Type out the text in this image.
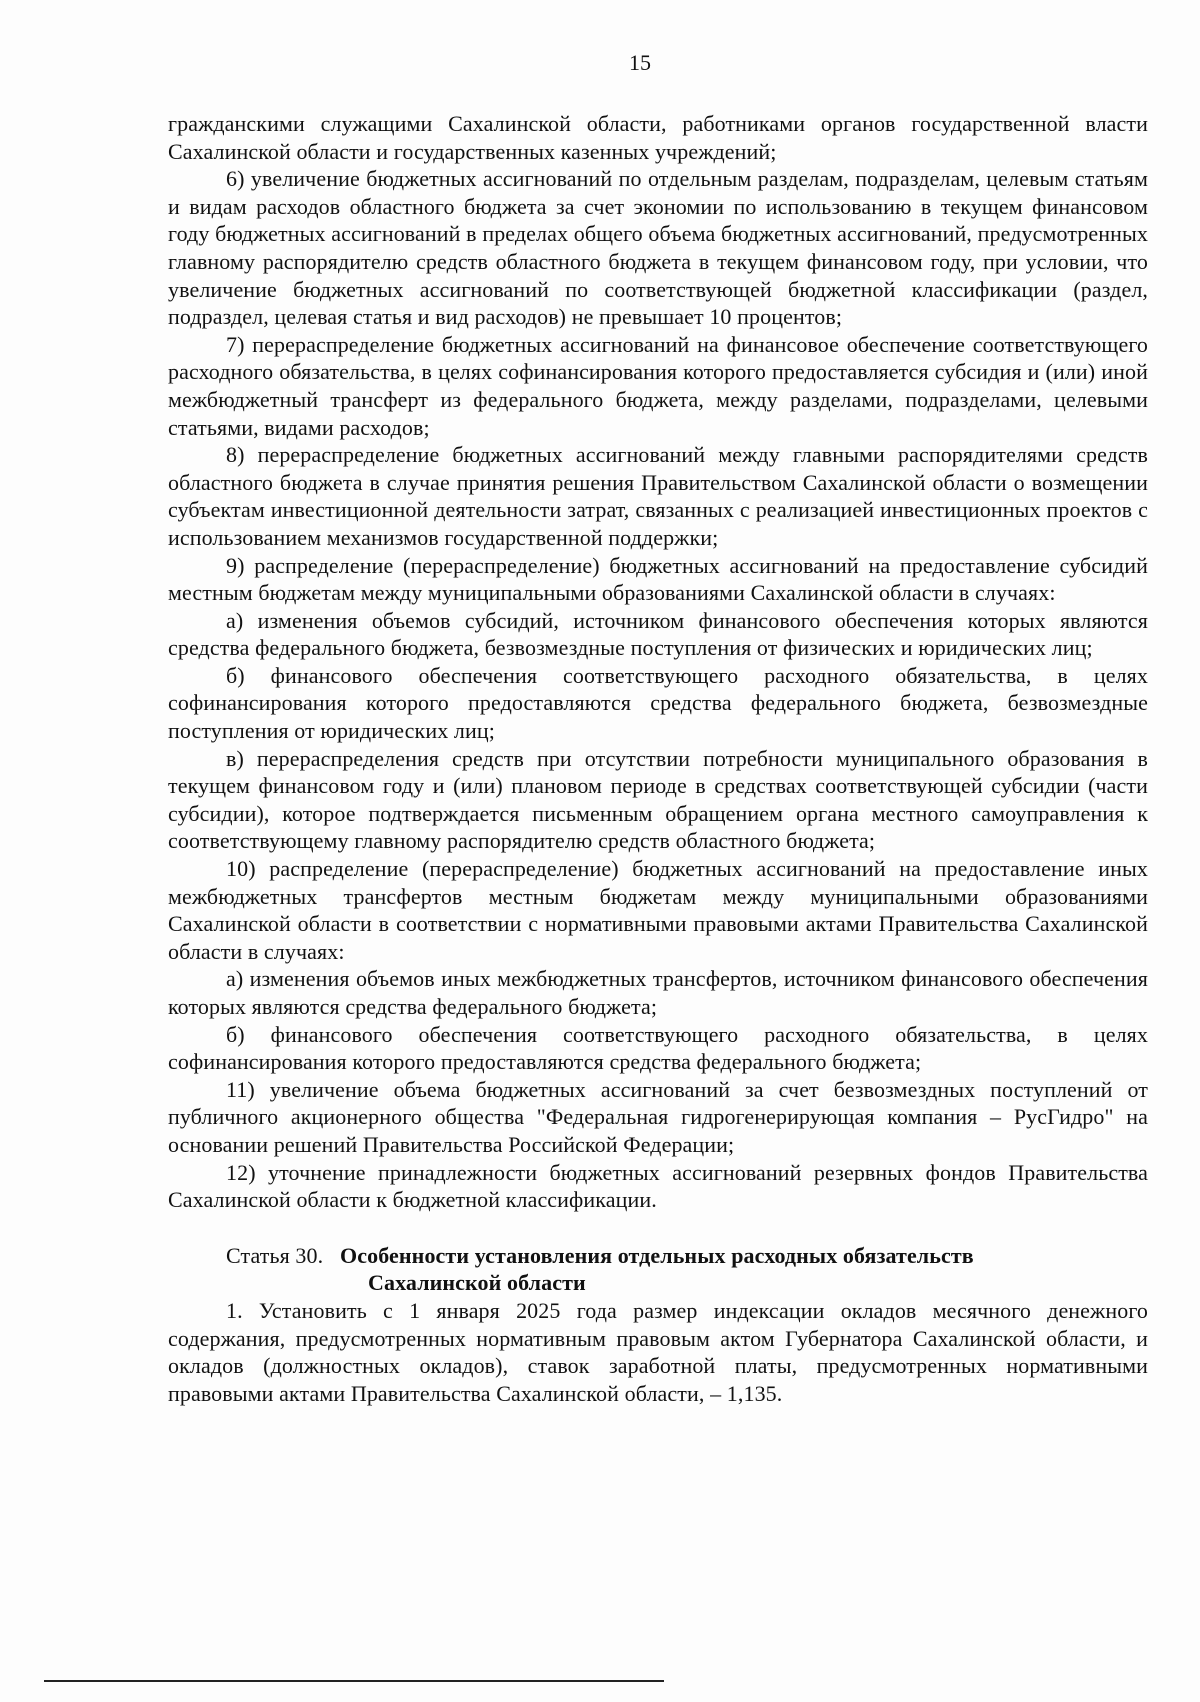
15

гражданскими служащими Сахалинской области, работниками органов государственной власти Сахалинской области и государственных казенных учреждений;

6) увеличение бюджетных ассигнований по отдельным разделам, подразделам, целевым статьям и видам расходов областного бюджета за счет экономии по использованию в текущем финансовом году бюджетных ассигнований в пределах общего объема бюджетных ассигнований, предусмотренных главному распорядителю средств областного бюджета в текущем финансовом году, при условии, что увеличение бюджетных ассигнований по соответствующей бюджетной классификации (раздел, подраздел, целевая статья и вид расходов) не превышает 10 процентов;

7) перераспределение бюджетных ассигнований на финансовое обеспечение соответствующего расходного обязательства, в целях софинансирования которого предоставляется субсидия и (или) иной межбюджетный трансферт из федерального бюджета, между разделами, подразделами, целевыми статьями, видами расходов;

8) перераспределение бюджетных ассигнований между главными распорядителями средств областного бюджета в случае принятия решения Правительством Сахалинской области о возмещении субъектам инвестиционной деятельности затрат, связанных с реализацией инвестиционных проектов с использованием механизмов государственной поддержки;

9) распределение (перераспределение) бюджетных ассигнований на предоставление субсидий местным бюджетам между муниципальными образованиями Сахалинской области в случаях:

а) изменения объемов субсидий, источником финансового обеспечения которых являются средства федерального бюджета, безвозмездные поступления от физических и юридических лиц;

б) финансового обеспечения соответствующего расходного обязательства, в целях софинансирования которого предоставляются средства федерального бюджета, безвозмездные поступления от юридических лиц;

в) перераспределения средств при отсутствии потребности муниципального образования в текущем финансовом году и (или) плановом периоде в средствах соответствующей субсидии (части субсидии), которое подтверждается письменным обращением органа местного самоуправления к соответствующему главному распорядителю средств областного бюджета;

10) распределение (перераспределение) бюджетных ассигнований на предоставление иных межбюджетных трансфертов местным бюджетам между муниципальными образованиями Сахалинской области в соответствии с нормативными правовыми актами Правительства Сахалинской области в случаях:

а) изменения объемов иных межбюджетных трансфертов, источником финансового обеспечения которых являются средства федерального бюджета;

б) финансового обеспечения соответствующего расходного обязательства, в целях софинансирования которого предоставляются средства федерального бюджета;

11) увеличение объема бюджетных ассигнований за счет безвозмездных поступлений от публичного акционерного общества "Федеральная гидрогенерирующая компания – РусГидро" на основании решений Правительства Российской Федерации;

12) уточнение принадлежности бюджетных ассигнований резервных фондов Правительства Сахалинской области к бюджетной классификации.

Статья 30.   Особенности установления отдельных расходных обязательств

Сахалинской области

1. Установить с 1 января 2025 года размер индексации окладов месячного денежного содержания, предусмотренных нормативным правовым актом Губернатора Сахалинской области, и окладов (должностных окладов), ставок заработной платы, предусмотренных нормативными правовыми актами Правительства Сахалинской области, – 1,135.
